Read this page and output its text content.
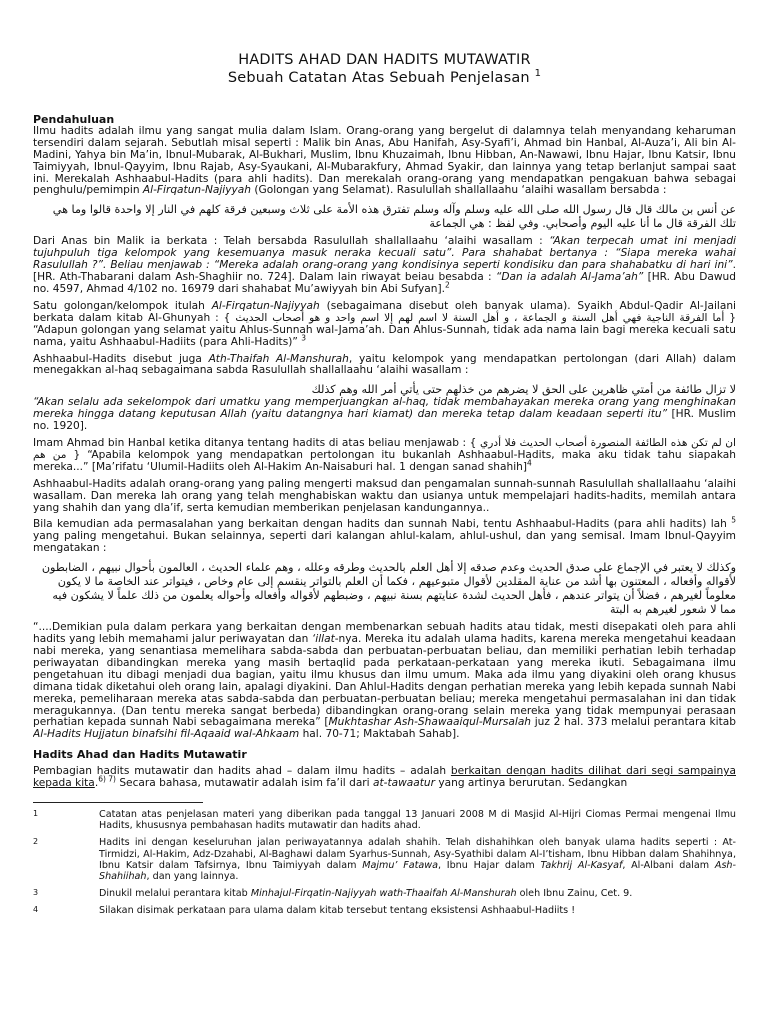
HADITS AHAD DAN HADITS MUTAWATIR
Sebuah Catatan Atas Sebuah Penjelasan $^1$
Pendahuluan

Ilmu hadits adalah ilmu yang sangat mulia dalam Islam. Orang-orang yang bergelut di dalamnya telah menyandang keharuman tersendiri dalam sejarah. Sebutlah misal seperti : Malik bin Anas, Abu Hanifah, Asy-Syafi’i, Ahmad bin Hanbal, Al-Auza’i, Ali bin Al-Madini, Yahya bin Ma’in, Ibnul-Mubarak, Al-Bukhari, Muslim, Ibnu Khuzaimah, Ibnu Hibban, An-Nawawi, Ibnu Hajar, Ibnu Katsir, Ibnu Taimiyyah, Ibnul-Qayyim, Ibnu Rajab, Asy-Syaukani, Al-Mubarakfury, Ahmad Syakir, dan lainnya yang tetap berlanjut sampai saat ini. Merekalah Ashhaabul-Hadits (para ahli hadits). Dan merekalah orang-orang yang mendapatkan pengakuan bahwa sebagai penghulu/pemimpin Al-Firqatun-Najiyyah (Golongan yang Selamat). Rasulullah shallallaahu ‘alaihi wasallam bersabda :

عن أنس بن مالك قال قال رسول الله صلى الله عليه وسلم وآله وسلم تفترق هذه الأمة على ثلاث وسبعين فرقة كلهم في النار إلا واحدة قالوا وما هي تلك الفرقة قال ما أنا عليه اليوم وأصحابي. وفي لفظ : هي الجماعة

Dari Anas bin Malik ia berkata : Telah bersabda Rasulullah shallallaahu ‘alaihi wasallam : “Akan terpecah umat ini menjadi tujuhpuluh tiga kelompok yang kesemuanya masuk neraka kecuali satu”. Para shahabat bertanya : “Siapa mereka wahai Rasulullah ?”. Beliau menjawab : “Mereka adalah orang-orang yang kondisinya seperti kondisiku dan para shahabatku di hari ini”. [HR. Ath-Thabarani dalam Ash-Shaghiir no. 724]. Dalam lain riwayat beiau besabda : “Dan ia adalah Al-Jama’ah” [HR. Abu Dawud no. 4597, Ahmad 4/102 no. 16979 dari shahabat Mu’awiyyah bin Abi Sufyan].$^2$

Satu golongan/kelompok itulah Al-Firqatun-Najiyyah (sebagaimana disebut oleh banyak ulama). Syaikh Abdul-Qadir Al-Jailani berkata dalam kitab Al-Ghunyah : { أما الفرقة الناجية فهي أهل السنة و الجماعة ، و أهل السنة لا اسم لهم إلا اسم واحد و هو أصحاب الحديث } “Adapun golongan yang selamat yaitu Ahlus-Sunnah wal-Jama’ah. Dan Ahlus-Sunnah, tidak ada nama lain bagi mereka kecuali satu nama, yaitu Ashhaabul-Hadiits (para Ahli-Hadits)” $^3$

Ashhaabul-Hadits disebut juga Ath-Thaifah Al-Manshurah, yaitu kelompok yang mendapatkan pertolongan (dari Allah) dalam menegakkan al-haq sebagaimana sabda Rasulullah shallallaahu ‘alaihi wasallam :

لا تزال طائفة من أمتي ظاهرين على الحق لا يضرهم من خذلهم حتى يأتي أمر الله وهم كذلك

“Akan selalu ada sekelompok dari umatku yang memperjuangkan al-haq, tidak membahayakan mereka orang yang menghinakan mereka hingga datang keputusan Allah (yaitu datangnya hari kiamat) dan mereka tetap dalam keadaan seperti itu” [HR. Muslim no. 1920].

Imam Ahmad bin Hanbal ketika ditanya tentang hadits di atas beliau menjawab : { ان لم تكن هذه الطائفة المنصورة أصحاب الحديث فلا أدري من هم } “Apabila kelompok yang mendapatkan pertolongan itu bukanlah Ashhaabul-Hadits, maka aku tidak tahu siapakah mereka...” [Ma’rifatu ‘Ulumil-Hadiits oleh Al-Hakim An-Naisaburi hal. 1 dengan sanad shahih]$^4$

Ashhaabul-Hadits adalah orang-orang yang paling mengerti maksud dan pengamalan sunnah-sunnah Rasulullah shallallaahu ‘alaihi wasallam. Dan mereka lah orang yang telah menghabiskan waktu dan usianya untuk mempelajari hadits-hadits, memilah antara yang shahih dan yang dla’if, serta kemudian memberikan penjelasan kandungannya..

Bila kemudian ada permasalahan yang berkaitan dengan hadits dan sunnah Nabi, tentu Ashhaabul-Hadits (para ahli hadits) lah $^5$ yang paling mengetahui. Bukan selainnya, seperti dari kalangan ahlul-kalam, ahlul-ushul, dan yang semisal. Imam Ibnul-Qayyim mengatakan :

وكذلك لا يعتبر في الإجماع على صدق الحديث وعدم صدقه إلا أهل العلم بالحديث وطرقه وعلله ، وهم علماء الحديث ، العالمون بأحوال نبيهم ، الضابطون لأقواله وأفعاله ، المعتنون بها أشد من عناية المقلدين لأقوال متبوعيهم ، فكما أن العلم بالتواتر ينقسم إلى عام وخاص ، فيتواتر عند الخاصة ما لا يكون معلوماً لغيرهم ، فضلاً أن يتواتر عندهم ، فأهل الحديث لشدة عنايتهم بسنة نبيهم ، وضبطهم لأقواله وأفعاله وأحواله يعلمون من ذلك علماً لا يشكون فيه مما لا شعور لغيرهم به البتة

“....Demikian pula dalam perkara yang berkaitan dengan membenarkan sebuah hadits atau tidak, mesti disepakati oleh para ahli hadits yang lebih memahami jalur periwayatan dan ‘illat-nya. Mereka itu adalah ulama hadits, karena mereka mengetahui keadaan nabi mereka, yang senantiasa memelihara sabda-sabda dan perbuatan-perbuatan beliau, dan memiliki perhatian lebih terhadap periwayatan dibandingkan mereka yang masih bertaqlid pada perkataan-perkataan yang mereka ikuti. Sebagaimana ilmu pengetahuan itu dibagi menjadi dua bagian, yaitu ilmu khusus dan ilmu umum. Maka ada ilmu yang diyakini oleh orang khusus dimana tidak diketahui oleh orang lain, apalagi diyakini. Dan Ahlul-Hadits dengan perhatian mereka yang lebih kepada sunnah Nabi mereka, pemeliharaan mereka atas sabda-sabda dan perbuatan-perbuatan beliau; mereka mengetahui permasalahan ini dan tidak meragukannya. (Dan tentu mereka sangat berbeda) dibandingkan orang-orang selain mereka yang tidak mempunyai perasaan perhatian kepada sunnah Nabi sebagaimana mereka” [Mukhtashar Ash-Shawaaiqul-Mursalah juz 2 hal. 373 melalui perantara kitab Al-Hadits Hujjatun binafsihi fil-Aqaaid wal-Ahkaam hal. 70-71; Maktabah Sahab].

Hadits Ahad dan Hadits Mutawatir

Pembagian hadits mutawatir dan hadits ahad – dalam ilmu hadits – adalah berkaitan dengan hadits dilihat dari segi sampainya kepada kita.$^{6) 7)}$ Secara bahasa, mutawatir adalah isim fa’il dari at-tawaatur yang artinya berurutan. Sedangkan

1	Catatan atas penjelasan materi yang diberikan pada tanggal 13 Januari 2008 M di Masjid Al-Hijri Ciomas Permai mengenai Ilmu Hadits, khususnya pembahasan hadits mutawatir dan hadits ahad.
2	Hadits ini dengan keseluruhan jalan periwayatannya adalah shahih. Telah dishahihkan oleh banyak ulama hadits seperti : At-Tirmidzi, Al-Hakim, Adz-Dzahabi, Al-Baghawi dalam Syarhus-Sunnah, Asy-Syathibi dalam Al-I’tisham, Ibnu Hibban dalam Shahihnya, Ibnu Katsir dalam Tafsirnya, Ibnu Taimiyyah dalam Majmu’ Fatawa, Ibnu Hajar dalam Takhrij Al-Kasyaf, Al-Albani dalam Ash-Shahiihah, dan yang lainnya.
3	Dinukil melalui perantara kitab Minhajul-Firqatin-Najiyyah wath-Thaaifah Al-Manshurah oleh Ibnu Zainu, Cet. 9.
4	Silakan disimak perkataan para ulama dalam kitab tersebut tentang eksistensi Ashhaabul-Hadiits !
